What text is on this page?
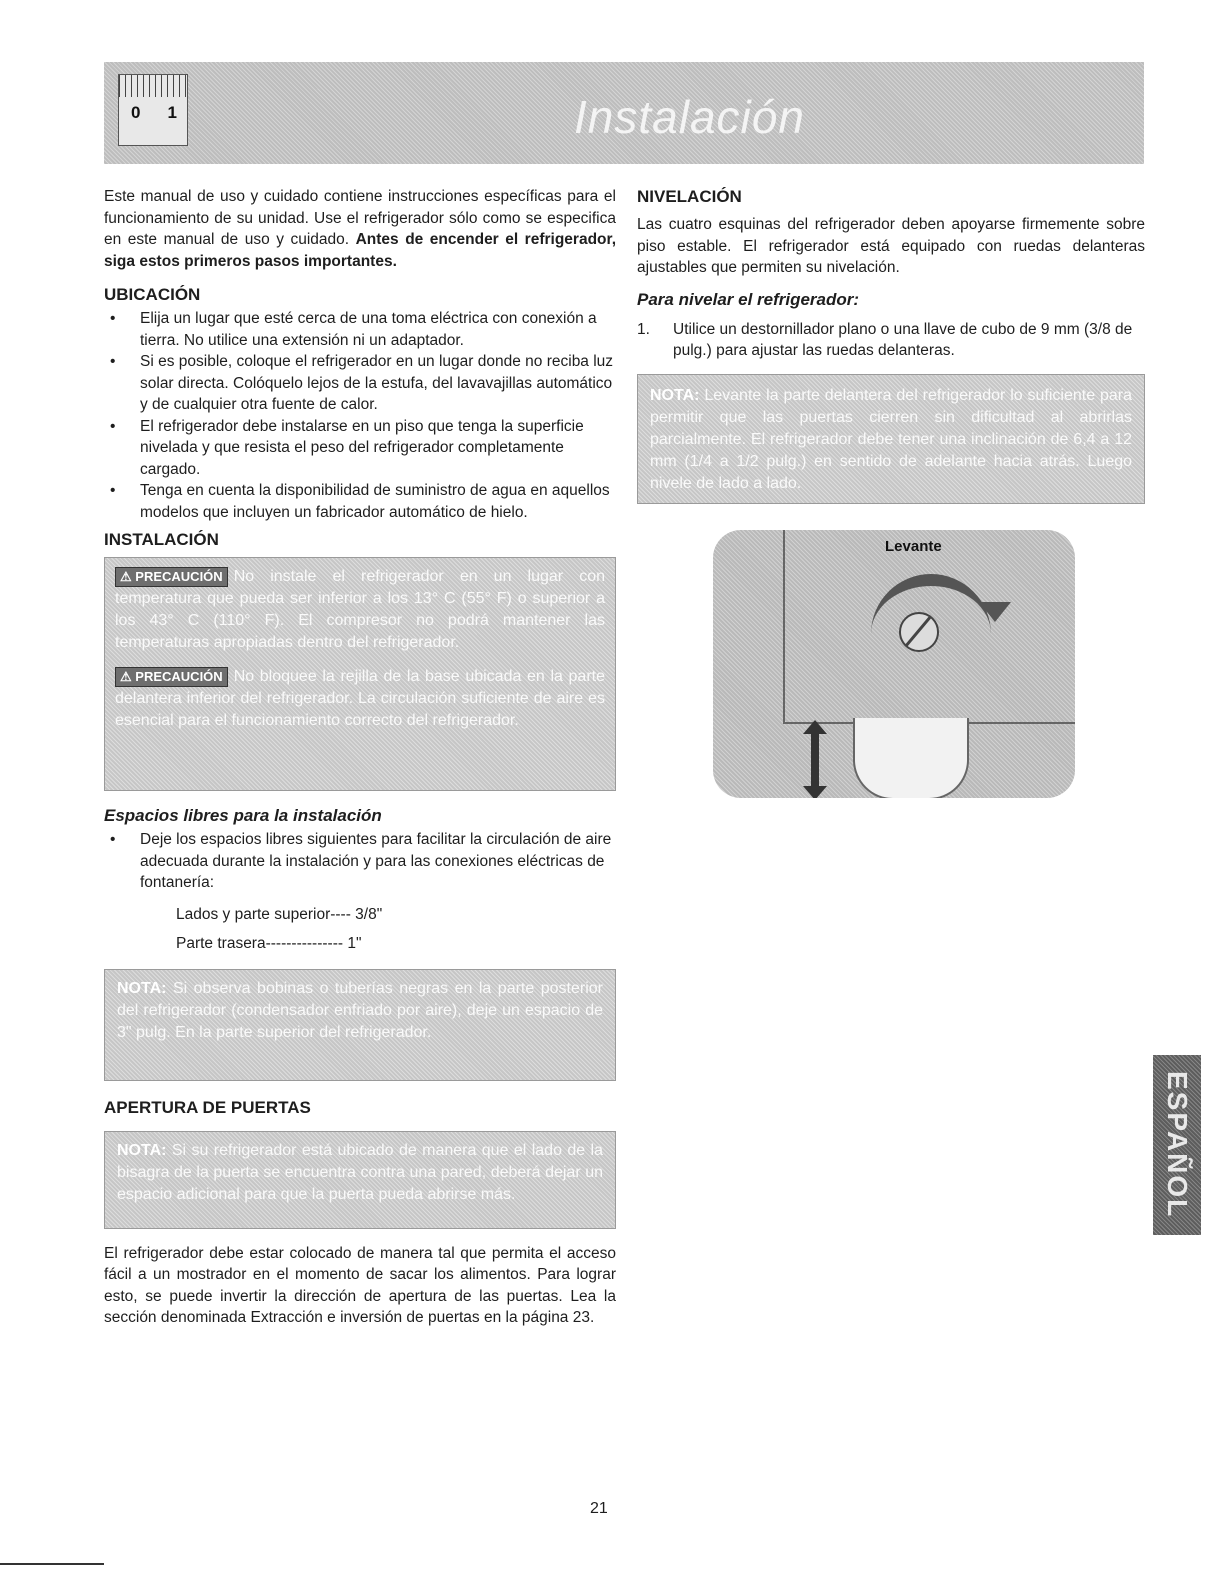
0 1	Instalación

Este manual de uso y cuidado contiene instrucciones específicas para el funcionamiento de su unidad. Use el refrigerador sólo como se especifica en este manual de uso y cuidado. Antes de encender el refrigerador, siga estos primeros pasos importantes.

UBICACIÓN
• Elija un lugar que esté cerca de una toma eléctrica con conexión a tierra. No utilice una extensión ni un adaptador.
• Si es posible, coloque el refrigerador en un lugar donde no reciba luz solar directa. Colóquelo lejos de la estufa, del lavavajillas automático y de cualquier otra fuente de calor.
• El refrigerador debe instalarse en un piso que tenga la superficie nivelada y que resista el peso del refrigerador completamente cargado.
• Tenga en cuenta la disponibilidad de suministro de agua en aquellos modelos que incluyen un fabricador automático de hielo.
INSTALACIÓN

⚠ PRECAUCIÓN No instale el refrigerador en un lugar con temperatura que pueda ser inferior a los 13° C (55° F) o superior a los 43° C (110° F). El compresor no podrá mantener las temperaturas apropiadas dentro del refrigerador.

⚠ PRECAUCIÓN No bloquee la rejilla de la base ubicada en la parte delantera inferior del refrigerador. La circulación suficiente de aire es esencial para el funcionamiento correcto del refrigerador.

Espacios libres para la instalación
• Deje los espacios libres siguientes para facilitar la circulación de aire adecuada durante la instalación y para las conexiones eléctricas de fontanería:

Lados y parte superior---- 3/8"

Parte trasera--------------- 1"

NOTA: Si observa bobinas o tuberías negras en la parte posterior del refrigerador (condensador enfriado por aire), deje un espacio de 3" pulg. En la parte superior del refrigerador.
APERTURA DE PUERTAS
NOTA: Si su refrigerador está ubicado de manera que el lado de la bisagra de la puerta se encuentra contra una pared, deberá dejar un espacio adicional para que la puerta pueda abrirse más.

El refrigerador debe estar colocado de manera tal que permita el acceso fácil a un mostrador en el momento de sacar los alimentos. Para lograr esto, se puede invertir la dirección de apertura de las puertas. Lea la sección denominada Extracción e inversión de puertas en la página 23.

NIVELACIÓN

Las cuatro esquinas del refrigerador deben apoyarse firmemente sobre piso estable. El refrigerador está equipado con ruedas delanteras ajustables que permiten su nivelación.

Para nivelar el refrigerador:
1. Utilice un destornillador plano o una llave de cubo de 9 mm (3/8 de pulg.) para ajustar las ruedas delanteras.
NOTA: Levante la parte delantera del refrigerador lo suficiente para permitir que las puertas cierren sin dificultad al abrirlas parcialmente. El refrigerador debe tener una inclinación de 6,4 a 12 mm (1/4 a 1/2 pulg.) en sentido de adelante hacia atrás. Luego nivele de lado a lado.
Levante
ESPAÑOL
21
